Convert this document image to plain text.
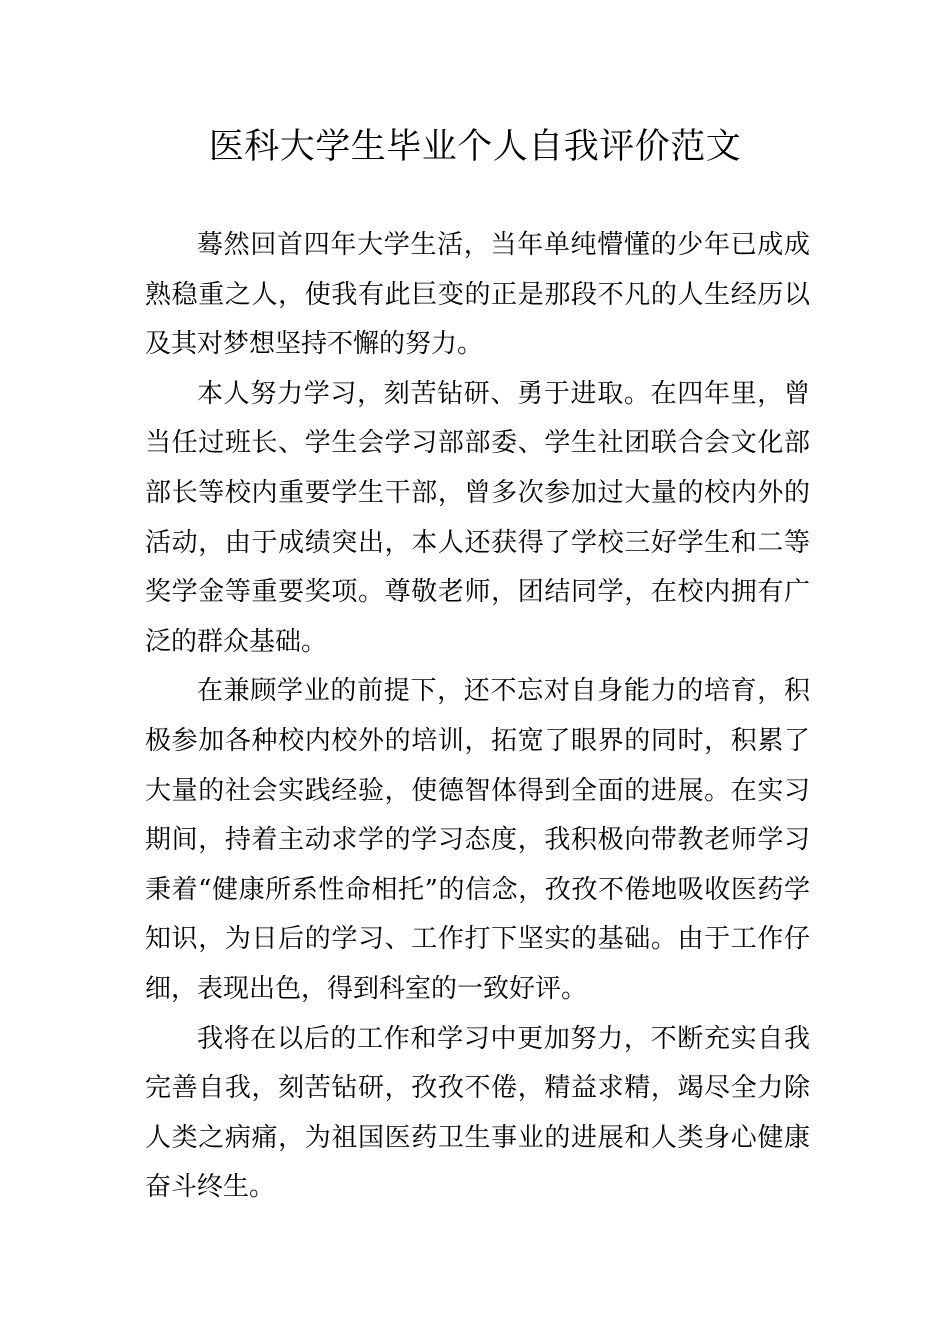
医科大学生毕业个人自我评价范文

蓦然回首四年大学生活，当年单纯懵懂的少年已成成熟稳重之人，使我有此巨变的正是那段不凡的人生经历以及其对梦想坚持不懈的努力。

本人努力学习，刻苦钻研、勇于进取。在四年里，曾当任过班长、学生会学习部部委、学生社团联合会文化部部长等校内重要学生干部，曾多次参加过大量的校内外的活动，由于成绩突出，本人还获得了学校三好学生和二等奖学金等重要奖项。尊敬老师，团结同学，在校内拥有广泛的群众基础。

在兼顾学业的前提下，还不忘对自身能力的培育，积极参加各种校内校外的培训，拓宽了眼界的同时，积累了大量的社会实践经验，使德智体得到全面的进展。在实习期间，持着主动求学的学习态度，我积极向带教老师学习秉着“健康所系性命相托”的信念，孜孜不倦地吸收医药学知识，为日后的学习、工作打下坚实的基础。由于工作仔细，表现出色，得到科室的一致好评。

我将在以后的工作和学习中更加努力，不断充实自我完善自我，刻苦钻研，孜孜不倦，精益求精，竭尽全力除人类之病痛，为祖国医药卫生事业的进展和人类身心健康奋斗终生。
